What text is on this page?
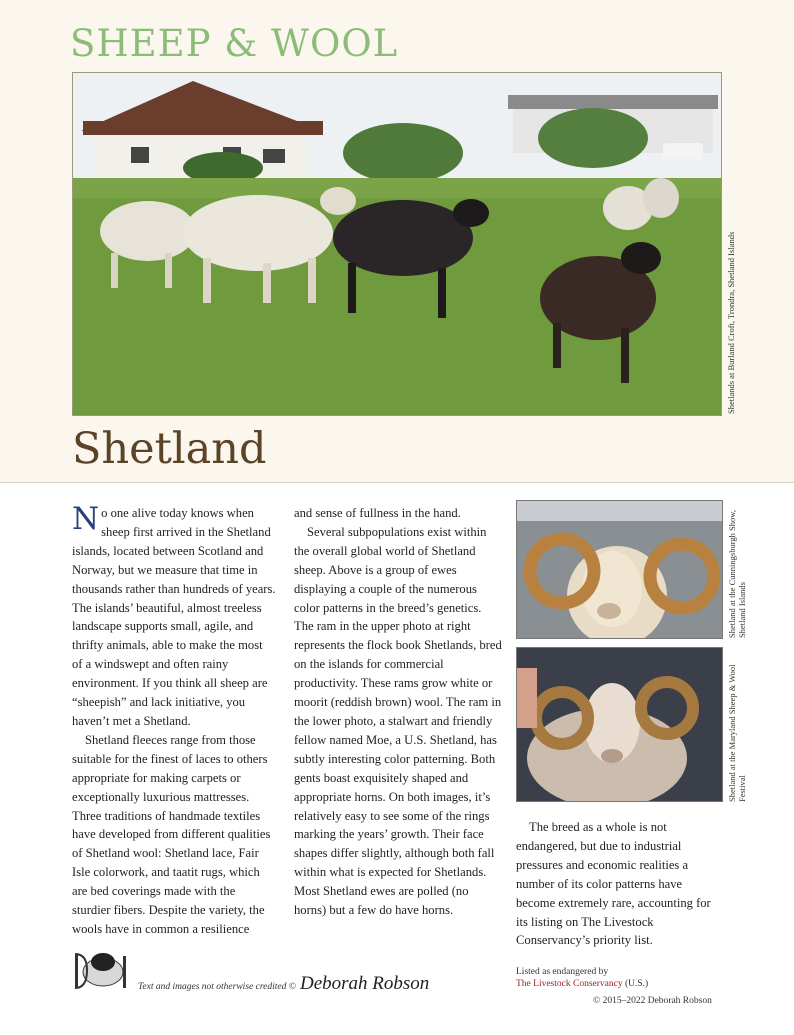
SHEEP & WOOL
Shetlands at Burland Croft, Trondra, Shetland Islands
Shetland

No one alive today knows when sheep first arrived in the Shetland islands, located between Scotland and Norway, but we measure that time in thousands rather than hundreds of years. The islands’ beautiful, almost treeless landscape supports small, agile, and thrifty animals, able to make the most of a windswept and often rainy environment. If you think all sheep are “sheepish” and lack initiative, you haven’t met a Shetland.

Shetland fleeces range from those suitable for the finest of laces to others appropriate for making carpets or exceptionally luxurious mattresses. Three traditions of handmade textiles have developed from different qualities of Shetland wool: Shetland lace, Fair Isle colorwork, and taatit rugs, which are bed coverings made with the sturdier fibers. Despite the variety, the wools have in common a resilience

and sense of fullness in the hand.

Several subpopulations exist within the overall global world of Shetland sheep. Above is a group of ewes displaying a couple of the numerous color patterns in the breed’s genetics. The ram in the upper photo at right represents the flock book Shetlands, bred on the islands for commercial productivity. These rams grow white or moorit (reddish brown) wool. The ram in the lower photo, a stalwart and friendly fellow named Moe, a U.S. Shetland, has subtly interesting color patterning. Both gents boast exquisitely shaped and appropriate horns. On both images, it’s relatively easy to see some of the rings marking the years’ growth. Their face shapes differ slightly, although both fall within what is expected for Shetlands. Most Shetland ewes are polled (no horns) but a few do have horns.

Shetland at the Cunningsburgh Show, Shetland Islands
Shetland at the Maryland Sheep & Wool Festival

The breed as a whole is not endangered, but due to industrial pressures and economic realities a number of its color patterns have become extremely rare, accounting for its listing on The Livestock Conservancy’s priority list.

Text and images not otherwise credited © Deborah Robson
Listed as endangered by
The Livestock Conservancy (U.S.)
© 2015–2022 Deborah Robson
